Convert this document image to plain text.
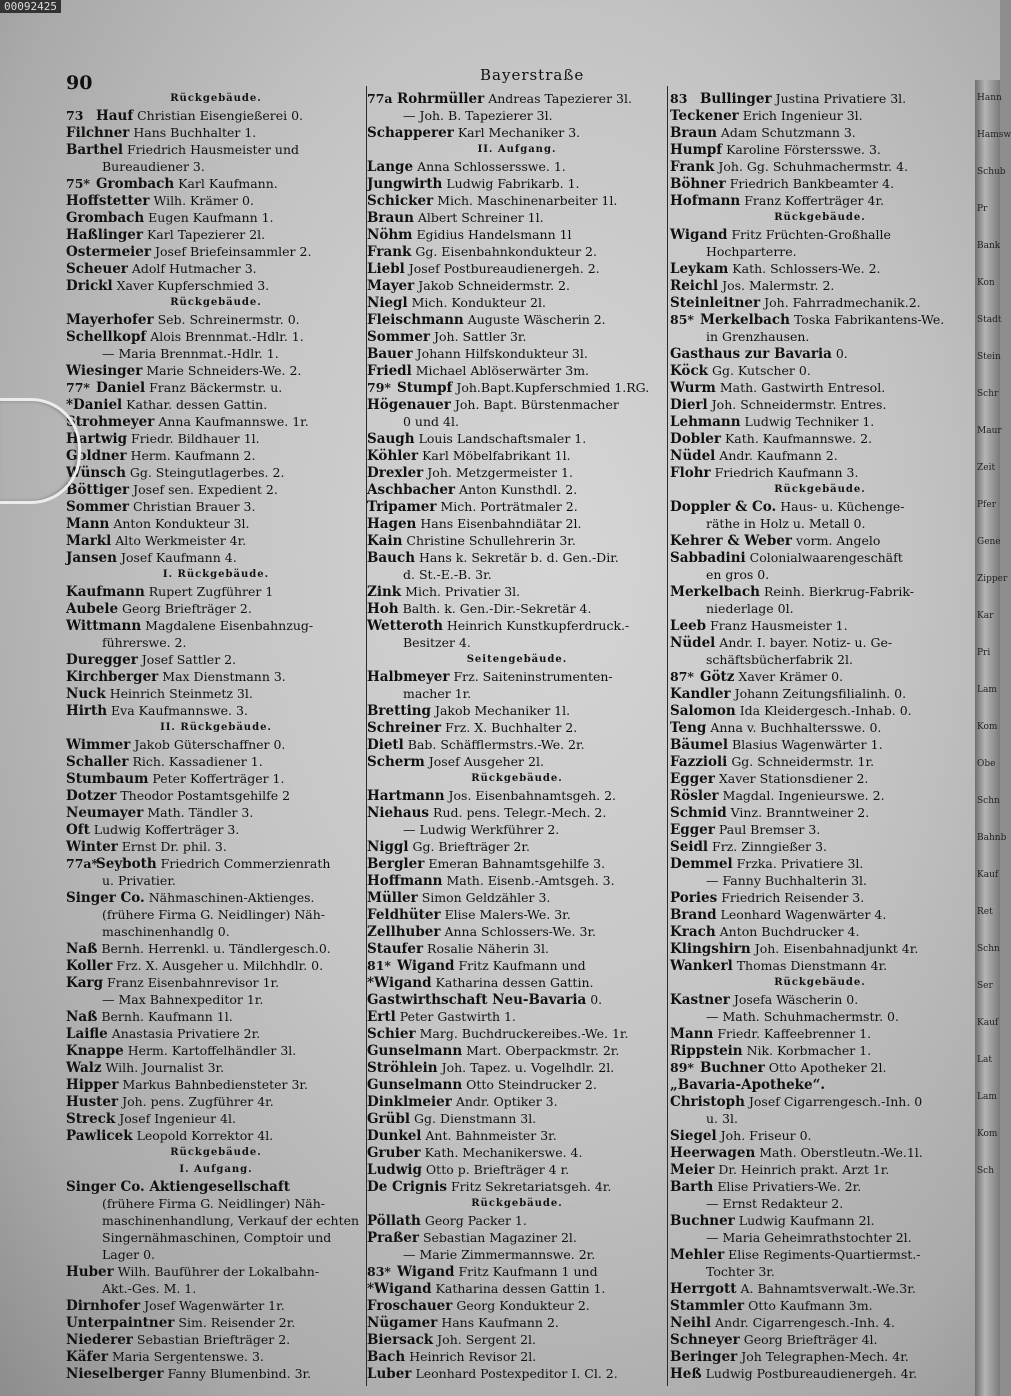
00092425
90	Bayerstraße
Rückgebäude.
73 Hauf Christian Eisengießerei 0.
Filchner Hans Buchhalter 1.
Barthel Friedrich Hausmeister und
Bureaudiener 3.
75* Grombach Karl Kaufmann.
Hoffstetter Wilh. Krämer 0.
Grombach Eugen Kaufmann 1.
Haßlinger Karl Tapezierer 2l.
Ostermeier Josef Briefeinsammler 2.
Scheuer Adolf Hutmacher 3.
Drickl Xaver Kupferschmied 3.
Rückgebäude.
Mayerhofer Seb. Schreinermstr. 0.
Schellkopf Alois Brennmat.-Hdlr. 1.
— Maria Brennmat.-Hdlr. 1.
Wiesinger Marie Schneiders-We. 2.
77* Daniel Franz Bäckermstr. u.
*Daniel Kathar. dessen Gattin.
Strohmeyer Anna Kaufmannswe. 1r.
Hartwig Friedr. Bildhauer 1l.
Goldner Herm. Kaufmann 2.
Wünsch Gg. Steingutlagerbes. 2.
Böttiger Josef sen. Expedient 2.
Sommer Christian Brauer 3.
Mann Anton Kondukteur 3l.
Markl Alto Werkmeister 4r.
Jansen Josef Kaufmann 4.
I. Rückgebäude.
Kaufmann Rupert Zugführer 1
Aubele Georg Briefträger 2.
Wittmann Magdalene Eisenbahnzug-
führerswe. 2.
Duregger Josef Sattler 2.
Kirchberger Max Dienstmann 3.
Nuck Heinrich Steinmetz 3l.
Hirth Eva Kaufmannswe. 3.
II. Rückgebäude.
Wimmer Jakob Güterschaffner 0.
Schaller Rich. Kassadiener 1.
Stumbaum Peter Kofferträger 1.
Dotzer Theodor Postamtsgehilfe 2
Neumayer Math. Tändler 3.
Oft Ludwig Kofferträger 3.
Winter Ernst Dr. phil. 3.
77a*Seyboth Friedrich Commerzienrath
u. Privatier.
Singer Co. Nähmaschinen-Aktienges.
(frühere Firma G. Neidlinger) Näh-
maschinenhandlg 0.
Naß Bernh. Herrenkl. u. Tändlergesch.0.
Koller Frz. X. Ausgeher u. Milchhdlr. 0.
Karg Franz Eisenbahnrevisor 1r.
— Max Bahnexpeditor 1r.
Naß Bernh. Kaufmann 1l.
Laifle Anastasia Privatiere 2r.
Knappe Herm. Kartoffelhändler 3l.
Walz Wilh. Journalist 3r.
Hipper Markus Bahnbediensteter 3r.
Huster Joh. pens. Zugführer 4r.
Streck Josef Ingenieur 4l.
Pawlicek Leopold Korrektor 4l.
Rückgebäude.
I. Aufgang.
Singer Co. Aktiengesellschaft
(frühere Firma G. Neidlinger) Näh-
maschinenhandlung, Verkauf der echten
Singernähmaschinen, Comptoir und
Lager 0.
Huber Wilh. Bauführer der Lokalbahn-
Akt.-Ges. M. 1.
Dirnhofer Josef Wagenwärter 1r.
Unterpaintner Sim. Reisender 2r.
Niederer Sebastian Briefträger 2.
Käfer Maria Sergentenswe. 3.
Nieselberger Fanny Blumenbind. 3r.
77a Rohrmüller Andreas Tapezierer 3l.
— Joh. B. Tapezierer 3l.
Schapperer Karl Mechaniker 3.
II. Aufgang.
Lange Anna Schlossersswe. 1.
Jungwirth Ludwig Fabrikarb. 1.
Schicker Mich. Maschinenarbeiter 1l.
Braun Albert Schreiner 1l.
Nöhm Egidius Handelsmann 1l
Frank Gg. Eisenbahnkondukteur 2.
Liebl Josef Postbureaudienergeh. 2.
Mayer Jakob Schneidermstr. 2.
Niegl Mich. Kondukteur 2l.
Fleischmann Auguste Wäscherin 2.
Sommer Joh. Sattler 3r.
Bauer Johann Hilfskondukteur 3l.
Friedl Michael Ablöserwärter 3m.
79* Stumpf Joh.Bapt.Kupferschmied 1.RG.
Högenauer Joh. Bapt. Bürstenmacher
0 und 4l.
Saugh Louis Landschaftsmaler 1.
Köhler Karl Möbelfabrikant 1l.
Drexler Joh. Metzgermeister 1.
Aschbacher Anton Kunsthdl. 2.
Tripamer Mich. Porträtmaler 2.
Hagen Hans Eisenbahndiätar 2l.
Kain Christine Schullehrerin 3r.
Bauch Hans k. Sekretär b. d. Gen.-Dir.
d. St.-E.-B. 3r.
Zink Mich. Privatier 3l.
Hoh Balth. k. Gen.-Dir.-Sekretär 4.
Wetteroth Heinrich Kunstkupferdruck.-
Besitzer 4.
Seitengebäude.
Halbmeyer Frz. Saiteninstrumenten-
macher 1r.
Bretting Jakob Mechaniker 1l.
Schreiner Frz. X. Buchhalter 2.
Dietl Bab. Schäfflermstrs.-We. 2r.
Scherm Josef Ausgeher 2l.
Rückgebäude.
Hartmann Jos. Eisenbahnamtsgeh. 2.
Niehaus Rud. pens. Telegr.-Mech. 2.
— Ludwig Werkführer 2.
Niggl Gg. Briefträger 2r.
Bergler Emeran Bahnamtsgehilfe 3.
Hoffmann Math. Eisenb.-Amtsgeh. 3.
Müller Simon Geldzähler 3.
Feldhüter Elise Malers-We. 3r.
Zellhuber Anna Schlossers-We. 3r.
Staufer Rosalie Näherin 3l.
81* Wigand Fritz Kaufmann und
*Wigand Katharina dessen Gattin.
Gastwirthschaft Neu-Bavaria 0.
Ertl Peter Gastwirth 1.
Schier Marg. Buchdruckereibes.-We. 1r.
Gunselmann Mart. Oberpackmstr. 2r.
Ströhlein Joh. Tapez. u. Vogelhdlr. 2l.
Gunselmann Otto Steindrucker 2.
Dinklmeier Andr. Optiker 3.
Grübl Gg. Dienstmann 3l.
Dunkel Ant. Bahnmeister 3r.
Gruber Kath. Mechanikerswe. 4.
Ludwig Otto p. Briefträger 4 r.
De Crignis Fritz Sekretariatsgeh. 4r.
Rückgebäude.
Pöllath Georg Packer 1.
Praßer Sebastian Magaziner 2l.
— Marie Zimmermannswe. 2r.
83* Wigand Fritz Kaufmann 1 und
*Wigand Katharina dessen Gattin 1.
Froschauer Georg Kondukteur 2.
Nügamer Hans Kaufmann 2.
Biersack Joh. Sergent 2l.
Bach Heinrich Revisor 2l.
Luber Leonhard Postexpeditor I. Cl. 2.
83 Bullinger Justina Privatiere 3l.
Teckener Erich Ingenieur 3l.
Braun Adam Schutzmann 3.
Humpf Karoline Förstersswe. 3.
Frank Joh. Gg. Schuhmachermstr. 4.
Böhner Friedrich Bankbeamter 4.
Hofmann Franz Kofferträger 4r.
Rückgebäude.
Wigand Fritz Früchten-Großhalle
Hochparterre.
Leykam Kath. Schlossers-We. 2.
Reichl Jos. Malermstr. 2.
Steinleitner Joh. Fahrradmechanik.2.
85* Merkelbach Toska Fabrikantens-We.
in Grenzhausen.
Gasthaus zur Bavaria 0.
Köck Gg. Kutscher 0.
Wurm Math. Gastwirth Entresol.
Dierl Joh. Schneidermstr. Entres.
Lehmann Ludwig Techniker 1.
Dobler Kath. Kaufmannswe. 2.
Nüdel Andr. Kaufmann 2.
Flohr Friedrich Kaufmann 3.
Rückgebäude.
Doppler & Co. Haus- u. Küchenge-
räthe in Holz u. Metall 0.
Kehrer & Weber vorm. Angelo
Sabbadini Colonialwaarengeschäft
en gros 0.
Merkelbach Reinh. Bierkrug-Fabrik-
niederlage 0l.
Leeb Franz Hausmeister 1.
Nüdel Andr. I. bayer. Notiz- u. Ge-
schäftsbücherfabrik 2l.
87* Götz Xaver Krämer 0.
Kandler Johann Zeitungsfilialinh. 0.
Salomon Ida Kleidergesch.-Inhab. 0.
Teng Anna v. Buchhaltersswe. 0.
Bäumel Blasius Wagenwärter 1.
Fazzioli Gg. Schneidermstr. 1r.
Egger Xaver Stationsdiener 2.
Rösler Magdal. Ingenieurswe. 2.
Schmid Vinz. Branntweiner 2.
Egger Paul Bremser 3.
Seidl Frz. Zinngießer 3.
Demmel Frzka. Privatiere 3l.
— Fanny Buchhalterin 3l.
Pories Friedrich Reisender 3.
Brand Leonhard Wagenwärter 4.
Krach Anton Buchdrucker 4.
Klingshirn Joh. Eisenbahnadjunkt 4r.
Wankerl Thomas Dienstmann 4r.
Rückgebäude.
Kastner Josefa Wäscherin 0.
— Math. Schuhmachermstr. 0.
Mann Friedr. Kaffeebrenner 1.
Rippstein Nik. Korbmacher 1.
89* Buchner Otto Apotheker 2l.
„Bavaria-Apotheke“.
Christoph Josef Cigarrengesch.-Inh. 0
u. 3l.
Siegel Joh. Friseur 0.
Heerwagen Math. Oberstleutn.-We.1l.
Meier Dr. Heinrich prakt. Arzt 1r.
Barth Elise Privatiers-We. 2r.
— Ernst Redakteur 2.
Buchner Ludwig Kaufmann 2l.
— Maria Geheimrathstochter 2l.
Mehler Elise Regiments-Quartiermst.-
Tochter 3r.
Herrgott A. Bahnamtsverwalt.-We.3r.
Stammler Otto Kaufmann 3m.
Neihl Andr. Cigarrengesch.-Inh. 4.
Schneyer Georg Briefträger 4l.
Beringer Joh Telegraphen-Mech. 4r.
Heß Ludwig Postbureaudienergeh. 4r.
Hann
Hamsw
Schub
Pr
Bank
Kon
Stadt
Stein
Schr
Maur
Zeit
Pfer
Gene
Zipper
Kar
Pri
Lam
Kom
Obe
Schn
Bahnb
Kauf
Ret
Schn
Ser
Kauf
Lat
Lam
Kom
Sch
